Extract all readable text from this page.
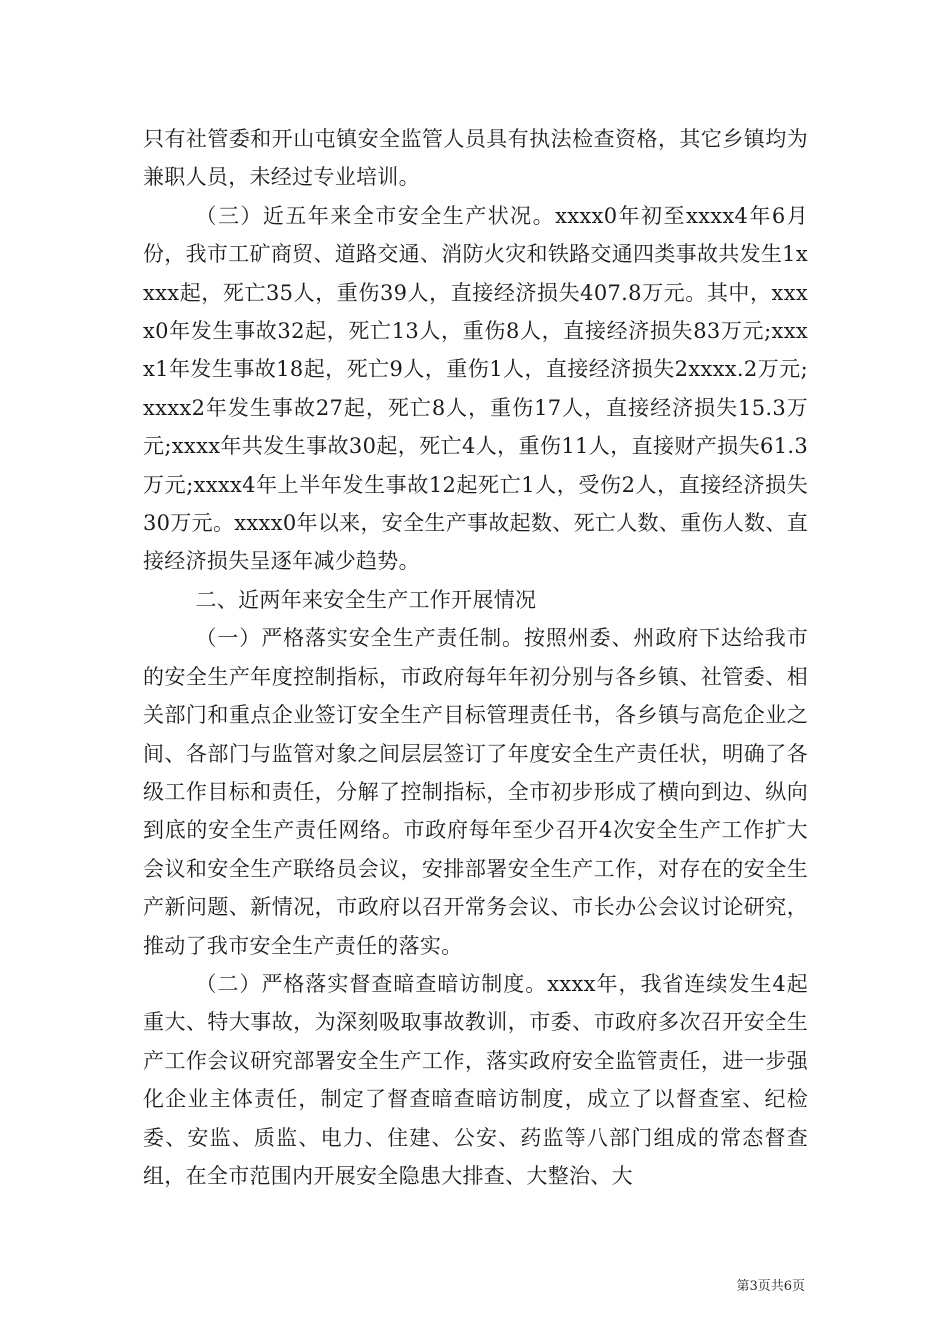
只有社管委和开山屯镇安全监管人员具有执法检查资格，其它乡镇均为兼职人员，未经过专业培训。

（三）近五年来全市安全生产状况。xxxx0年初至xxxx4年6月份，我市工矿商贸、道路交通、消防火灾和铁路交通四类事故共发生1xxxx起，死亡35人，重伤39人，直接经济损失407.8万元。其中，xxxx0年发生事故32起，死亡13人，重伤8人，直接经济损失83万元;xxxx1年发生事故18起，死亡9人，重伤1人，直接经济损失2xxxx.2万元;xxxx2年发生事故27起，死亡8人，重伤17人，直接经济损失15.3万元;xxxx年共发生事故30起，死亡4人，重伤11人，直接财产损失61.3万元;xxxx4年上半年发生事故12起死亡1人，受伤2人，直接经济损失30万元。xxxx0年以来，安全生产事故起数、死亡人数、重伤人数、直接经济损失呈逐年减少趋势。

二、近两年来安全生产工作开展情况

（一）严格落实安全生产责任制。按照州委、州政府下达给我市的安全生产年度控制指标，市政府每年年初分别与各乡镇、社管委、相关部门和重点企业签订安全生产目标管理责任书，各乡镇与高危企业之间、各部门与监管对象之间层层签订了年度安全生产责任状，明确了各级工作目标和责任，分解了控制指标，全市初步形成了横向到边、纵向到底的安全生产责任网络。市政府每年至少召开4次安全生产工作扩大会议和安全生产联络员会议，安排部署安全生产工作，对存在的安全生产新问题、新情况，市政府以召开常务会议、市长办公会议讨论研究，推动了我市安全生产责任的落实。

（二）严格落实督查暗查暗访制度。xxxx年，我省连续发生4起重大、特大事故，为深刻吸取事故教训，市委、市政府多次召开安全生产工作会议研究部署安全生产工作，落实政府安全监管责任，进一步强化企业主体责任，制定了督查暗查暗访制度，成立了以督查室、纪检委、安监、质监、电力、住建、公安、药监等八部门组成的常态督查组，在全市范围内开展安全隐患大排查、大整治、大

第3页共6页
